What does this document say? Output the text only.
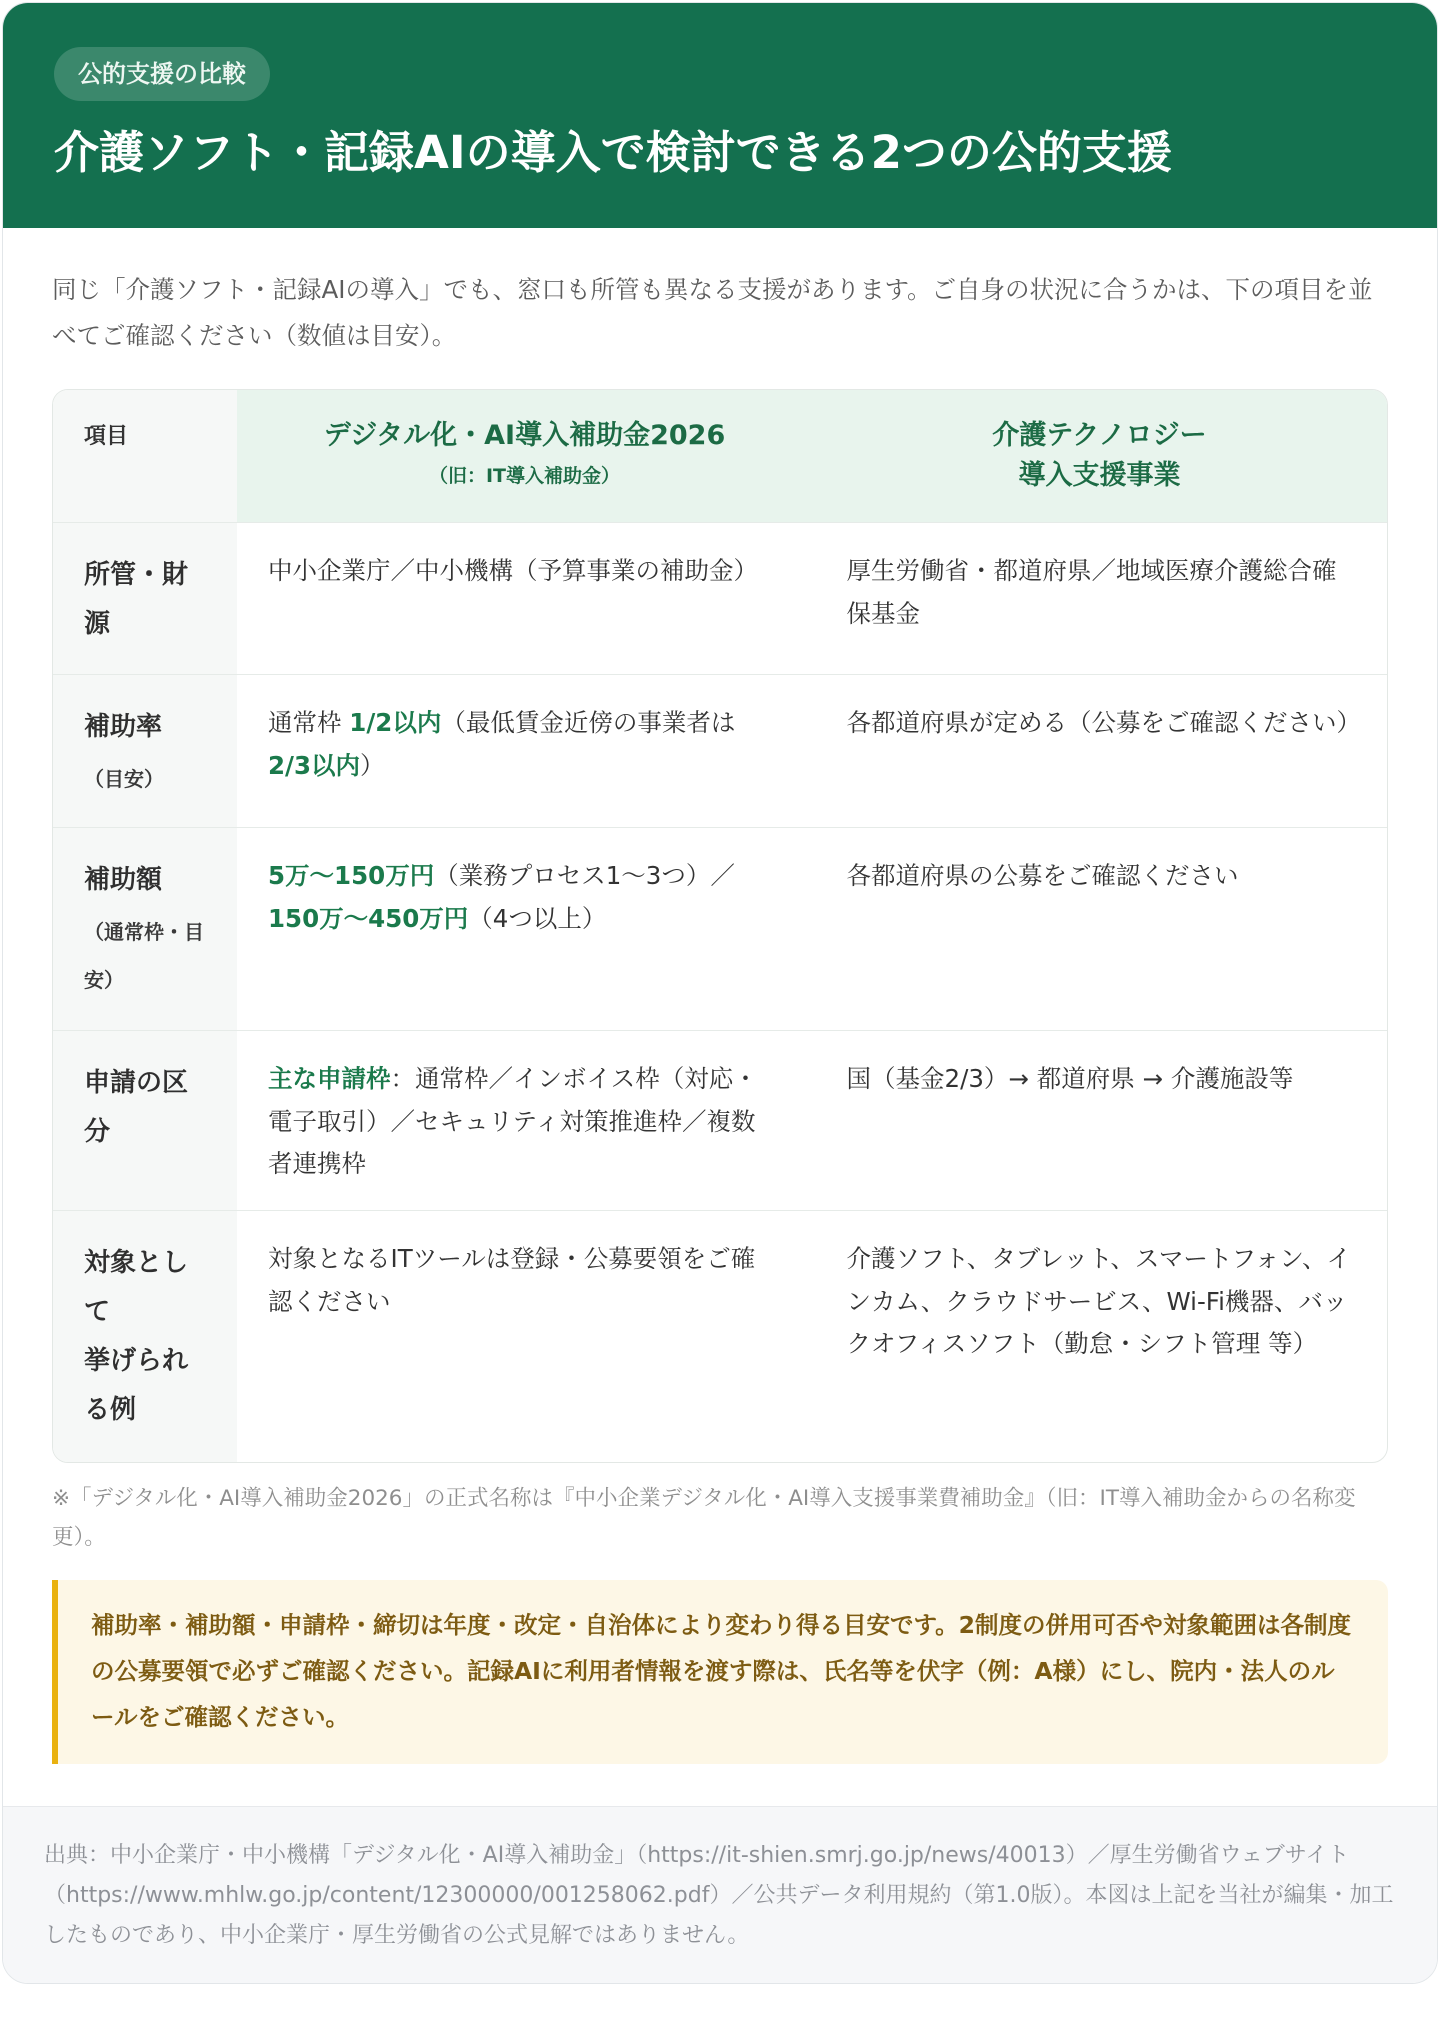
公的支援の比較
介護ソフト・記録AIの導入で検討できる2つの公的支援

同じ「介護ソフト・記録AIの導入」でも、窓口も所管も異なる支援があります。ご自身の状況に合うかは、下の項目を並べてご確認ください（数値は目安）。

項目	デジタル化・AI導入補助金2026
（旧：IT導入補助金）
介護テクノロジー
導入支援事業
所管・財源

中小企業庁／中小機構（予算事業の補助金）	厚生労働省・都道府県／地域医療介護総合確保基金

補助率
（目安）

通常枠 1/2以内（最低賃金近傍の事業者は2/3以内）

各都道府県が定める（公募をご確認ください）

補助額
（通常枠・目安）

5万〜150万円（業務プロセス1〜3つ）／150万〜450万円（4つ以上）

各都道府県の公募をご確認ください

申請の区分

主な申請枠：通常枠／インボイス枠（対応・電子取引）／セキュリティ対策推進枠／複数者連携枠

国（基金2/3）→ 都道府県 → 介護施設等

対象として
挙げられる例

対象となるITツールは登録・公募要領をご確認ください

介護ソフト、タブレット、スマートフォン、インカム、クラウドサービス、Wi-Fi機器、バックオフィスソフト（勤怠・シフト管理 等）

※「デジタル化・AI導入補助金2026」の正式名称は『中小企業デジタル化・AI導入支援事業費補助金』（旧：IT導入補助金からの名称変更）。

補助率・補助額・申請枠・締切は年度・改定・自治体により変わり得る目安です。2制度の併用可否や対象範囲は各制度の公募要領で必ずご確認ください。記録AIに利用者情報を渡す際は、氏名等を伏字（例：A様）にし、院内・法人のルールをご確認ください。

出典：中小企業庁・中小機構「デジタル化・AI導入補助金」（https://it-shien.smrj.go.jp/news/40013）／厚生労働省ウェブサイト（https://www.mhlw.go.jp/content/12300000/001258062.pdf）／公共データ利用規約（第1.0版）。本図は上記を当社が編集・加工したものであり、中小企業庁・厚生労働省の公式見解ではありません。
